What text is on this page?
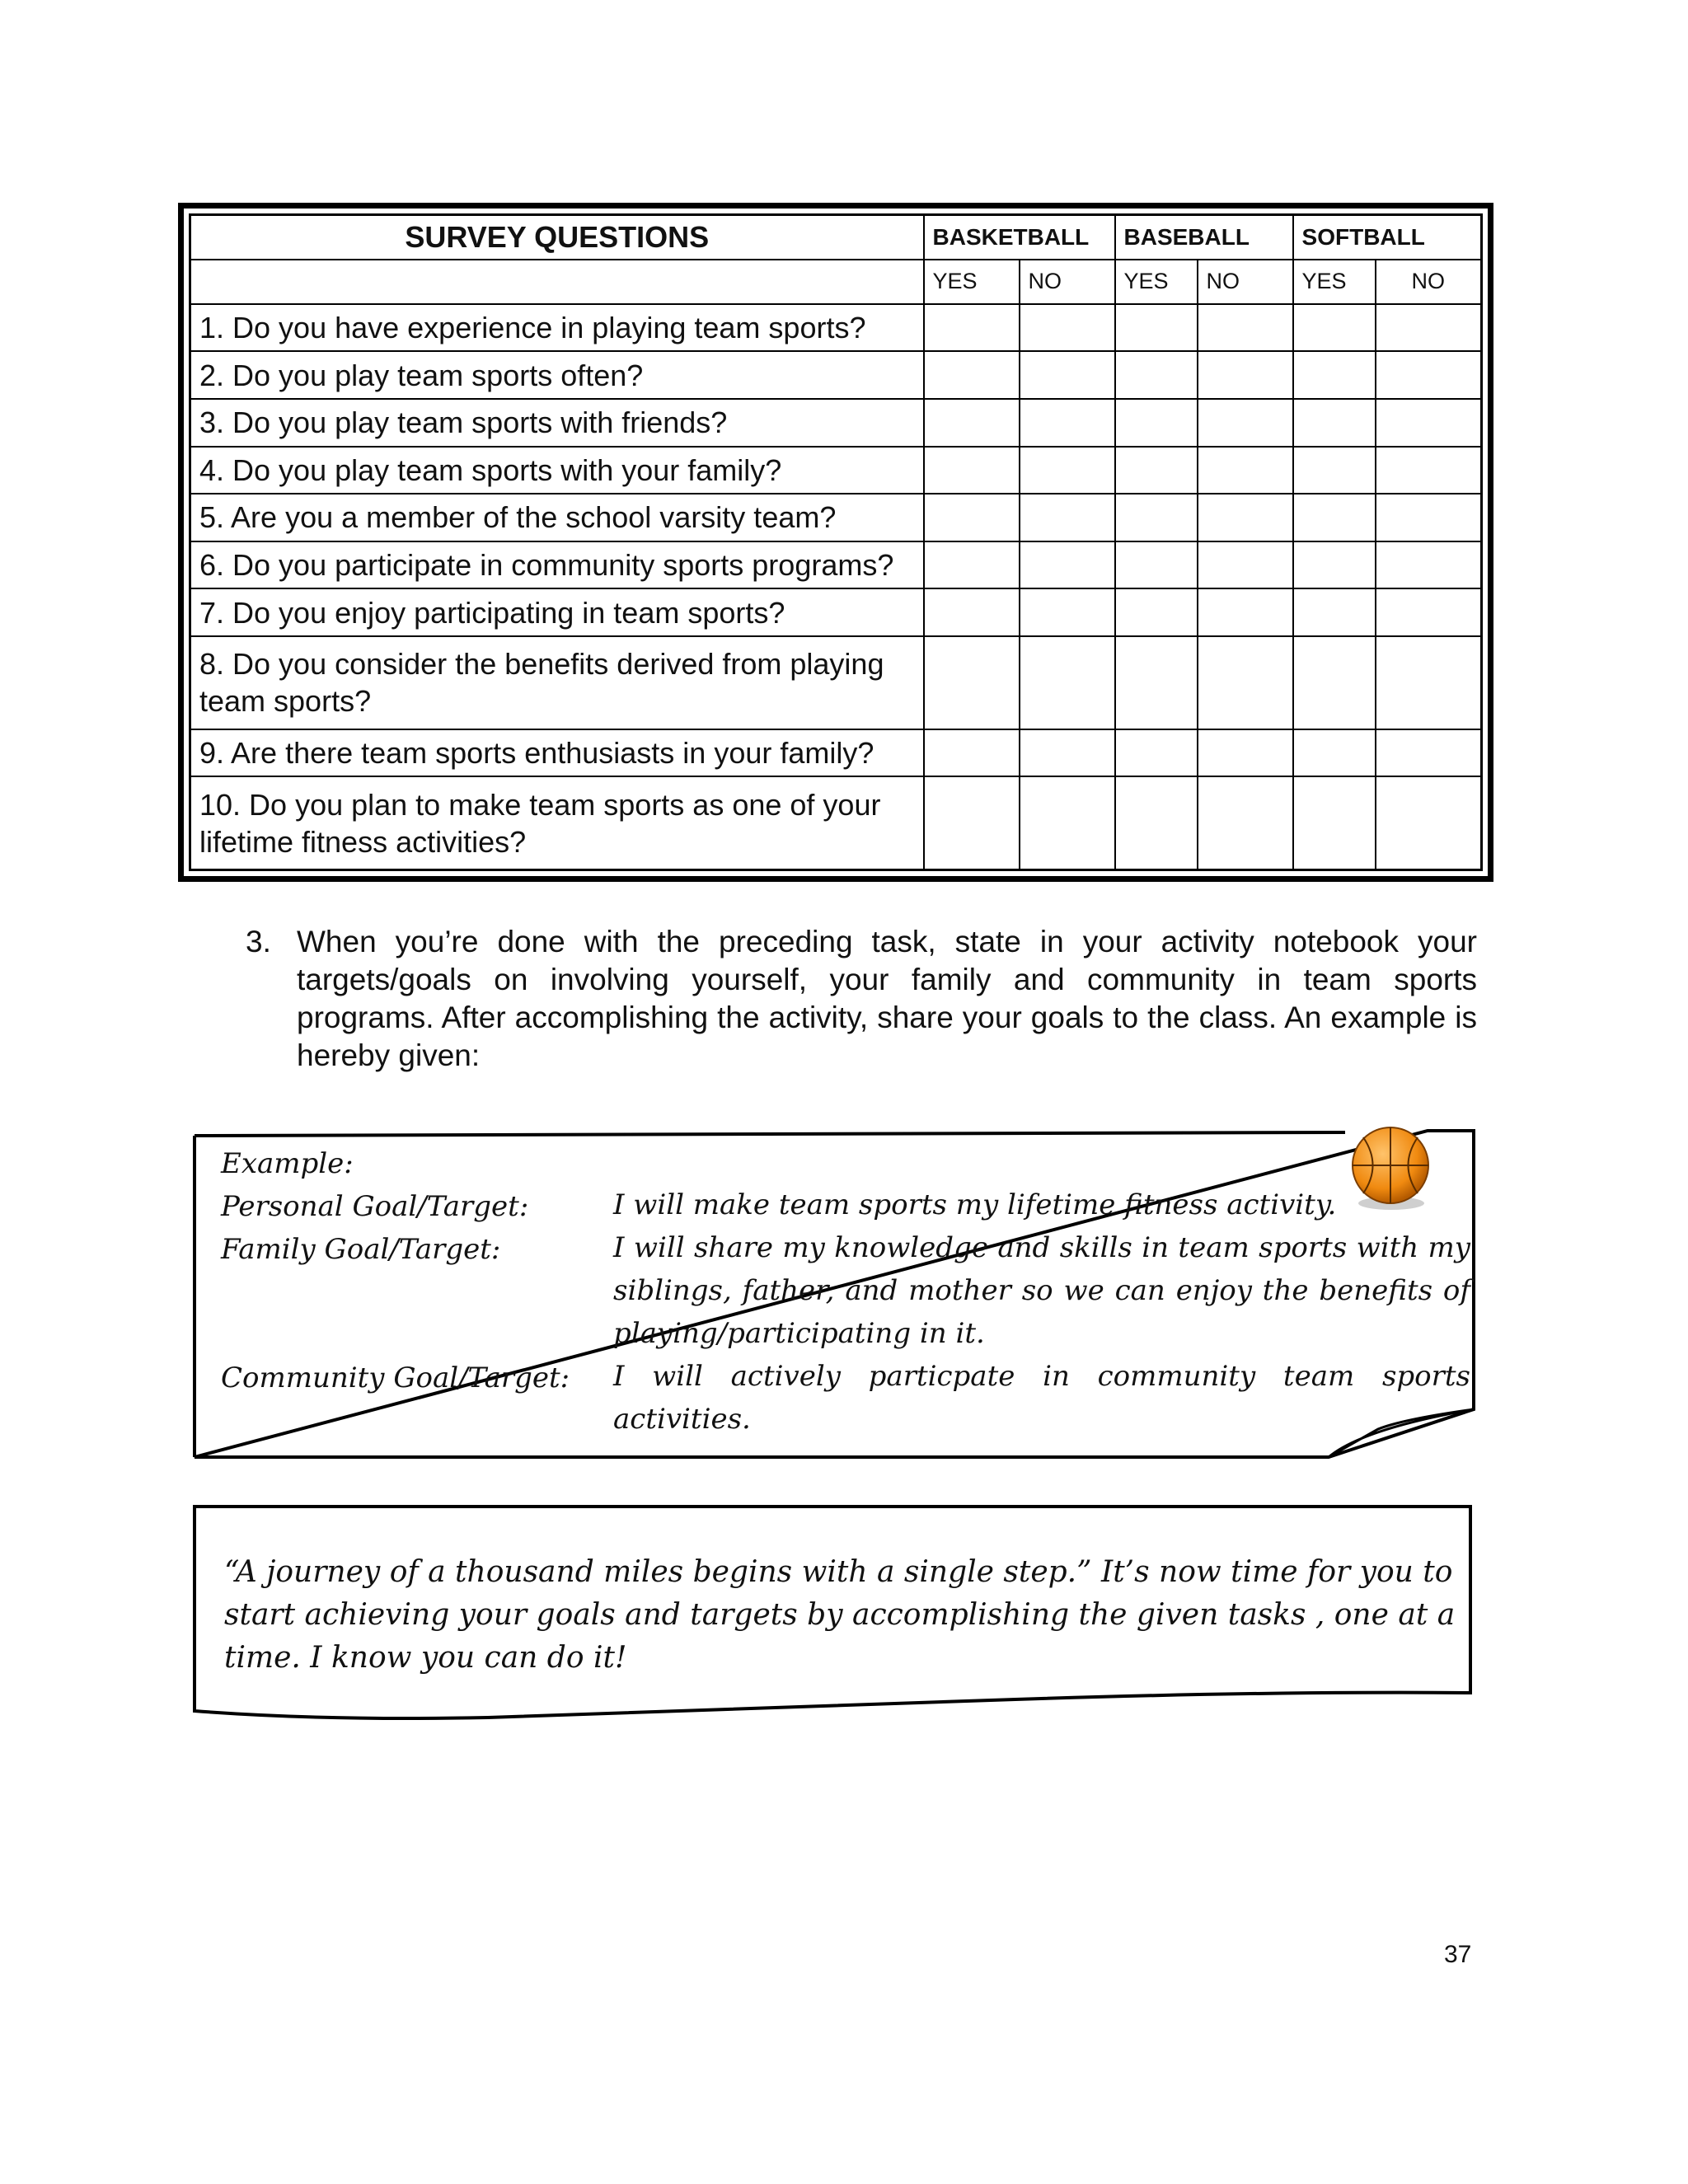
SURVEY QUESTIONS	BASKETBALL		BASEBALL		SOFTBALL	
	YES	NO	YES	NO	YES	NO
1. Do you have experience in playing team sports?						
2. Do you play team sports often?						
3. Do you play team sports with friends?						
4. Do you play team sports with your family?						
5. Are you a member of the school varsity team?						
6. Do you participate in community sports programs?						
7. Do you enjoy participating in team sports?						
8. Do you consider the benefits derived from playing team sports?						
9. Are there team sports enthusiasts in your family?						
10. Do you plan to make team sports as one of your lifetime fitness activities?						
3. When you’re done with the preceding task, state in your activity notebook your targets/goals on involving yourself, your family and community in team sports programs. After accomplishing the activity, share your goals to the class. An example is hereby given:
Example:
Personal Goal/Target:	I will make team sports my lifetime fitness activity.
Family Goal/Target:	I will share my knowledge and skills in team sports with my siblings, father, and mother so we can enjoy the benefits of playing/participating in it.
Community Goal/Target: I will actively particpate in community team sports activities.
“A journey of a thousand miles begins with a single step.” It’s now time for you to start achieving your goals and targets by accomplishing the given tasks , one at a time. I know you can do it!
37
